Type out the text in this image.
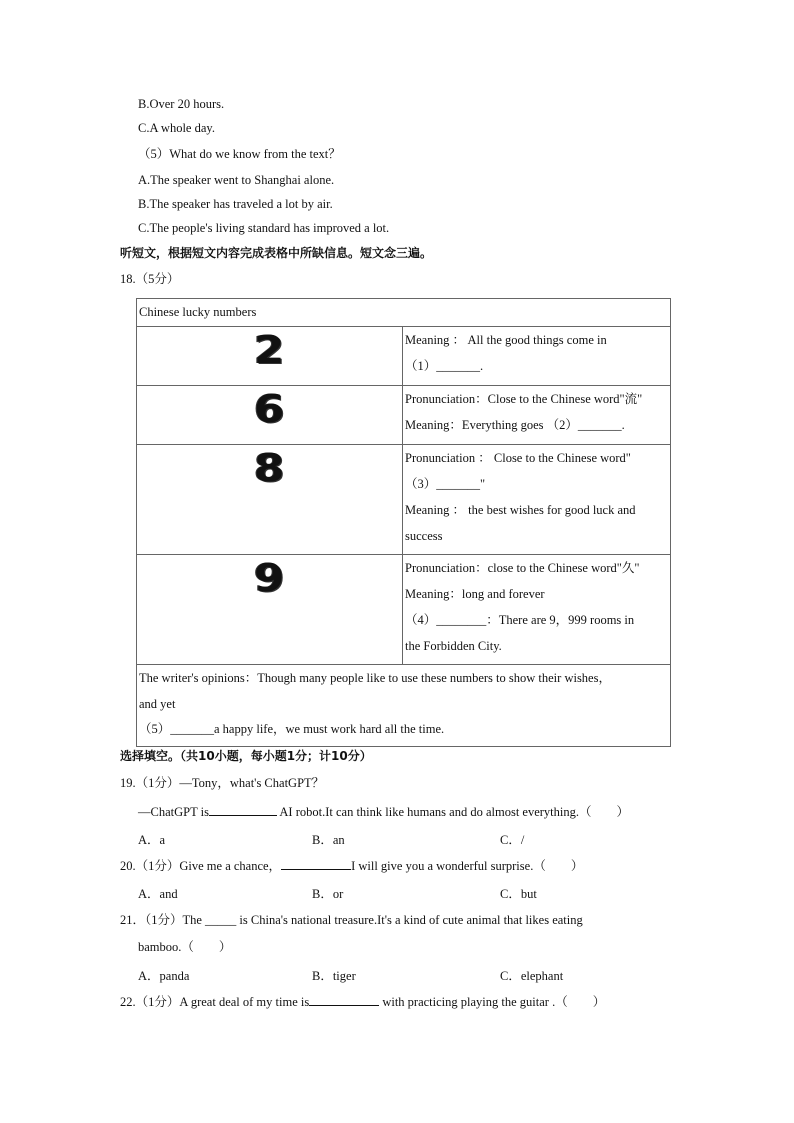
B.Over 20 hours.
C.A whole day.
（5）What do we know from the text？
A.The speaker went to Shanghai alone.
B.The speaker has traveled a lot by air.
C.The people's living standard has improved a lot.
听短文，根据短文内容完成表格中所缺信息。短文念三遍。
18.（5分）
Chinese lucky numbers	

2	Meaning ： All the good things come in
（1）_______.

6	Pronunciation：Close to the Chinese word"流"
Meaning：Everything goes （2）_______.

8	Pronunciation ： Close to the Chinese word"
（3）_______"
Meaning ： the best wishes for good luck and
success

9	Pronunciation：close to the Chinese word"久"
Meaning：long and forever
（4）________：There are 9，999 rooms in
the Forbidden City.

The writer's opinions：Though many people like to use these numbers to show their wishes，
and yet
（5）_______a happy life，we must work hard all the time.	
选择填空。（共10小题，每小题1分；计10分）
19.（1分）—Tony，what's ChatGPT？
—ChatGPT is	AI robot.It can think like humans and do almost everything.（　　）
A．a	B．an	C．/
20.（1分）Give me a chance，	I will give you a wonderful surprise.（　　）
A．and	B．or	C．but
21．（1分）The _____ is China's national treasure.It's a kind of cute animal that likes eating
bamboo.（　　）
A．panda	B．tiger	C．elephant
22.（1分）A great deal of my time is	with practicing playing the guitar .（　　）
